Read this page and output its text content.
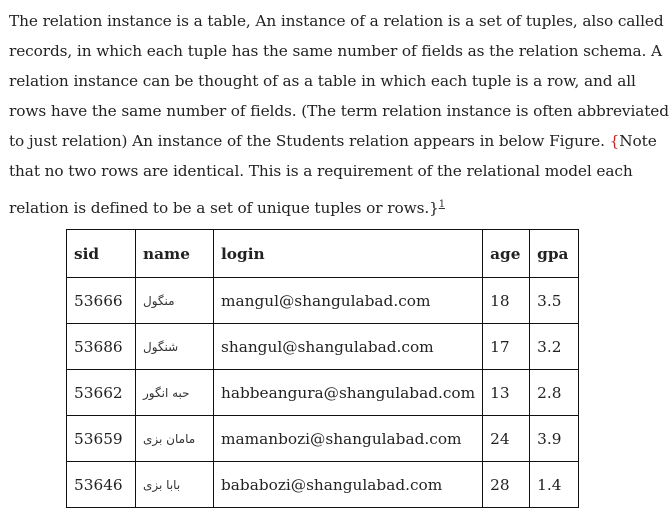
The relation instance is a table, An instance of a relation is a set of tuples, also called records, in which each tuple has the same number of fields as the relation schema. A relation instance can be thought of as a table in which each tuple is a row, and all rows have the same number of fields. (The term relation instance is often abbreviated to just relation) An instance of the Students relation appears in below Figure. {Note that no two rows are identical. This is a requirement of the relational model each relation is defined to be a set of unique tuples or rows.}$^1$
sid	name	login	age	gpa
53666	منگول	mangul@shangulabad.com	18	3.5
53686	شنگول	shangul@shangulabad.com	17	3.2
53662	حبه انگور	habbeangura@shangulabad.com	13	2.8
53659	مامان بزی	mamanbozi@shangulabad.com	24	3.9
53646	بابا بزی	bababozi@shangulabad.com	28	1.4
